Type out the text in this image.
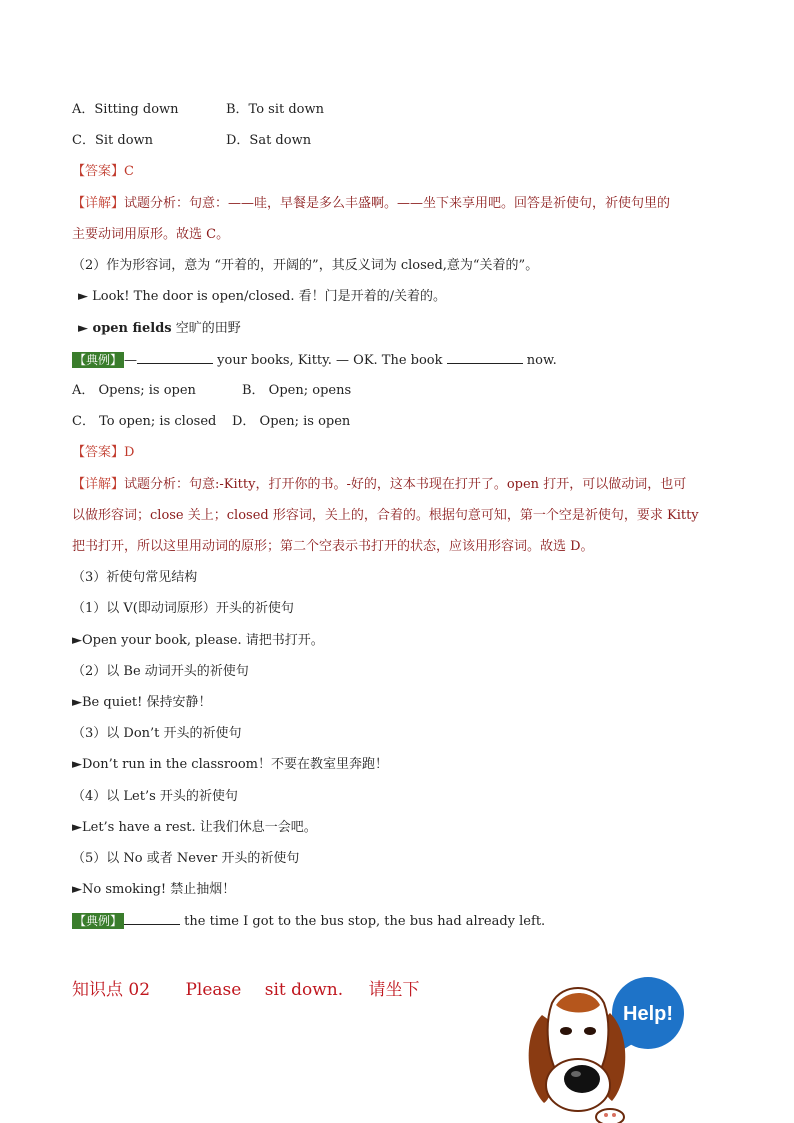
A．Sitting down	B．To sit down
C．Sit down	D．Sat down
【答案】C
【详解】试题分析：句意：——哇，早餐是多么丰盛啊。——坐下来享用吧。回答是祈使句，祈使句里的
主要动词用原形。故选 C。
（2）作为形容词，意为 “开着的，开阔的”，其反义词为 closed,意为“关着的”。
► Look! The door is open/closed. 看！门是开着的/关着的。
► open fields 空旷的田野
【典例】 —	your books, Kitty. — OK. The book	now.
A． Opens; is open	B． Open; opens
C． To open; is closed D． Open; is open
【答案】D
【详解】试题分析：句意:-Kitty，打开你的书。-好的，这本书现在打开了。open 打开，可以做动词，也可
以做形容词；close 关上；closed 形容词，关上的，合着的。根据句意可知，第一个空是祈使句，要求 Kitty
把书打开，所以这里用动词的原形；第二个空表示书打开的状态，应该用形容词。故选 D。
（3）祈使句常见结构
（1）以 V(即动词原形）开头的祈使句
►Open your book, please. 请把书打开。
（2）以 Be 动词开头的祈使句
►Be quiet! 保持安静！
（3）以 Don’t 开头的祈使句
►Don’t run in the classroom！不要在教室里奔跑！
（4）以 Let’s 开头的祈使句
►Let’s have a rest. 让我们休息一会吧。
（5）以 No 或者 Never 开头的祈使句
►No smoking! 禁止抽烟！
【典例】	the time I got to the bus stop, the bus had already left.
知识点 02 Please sit down. 请坐下
Help!
